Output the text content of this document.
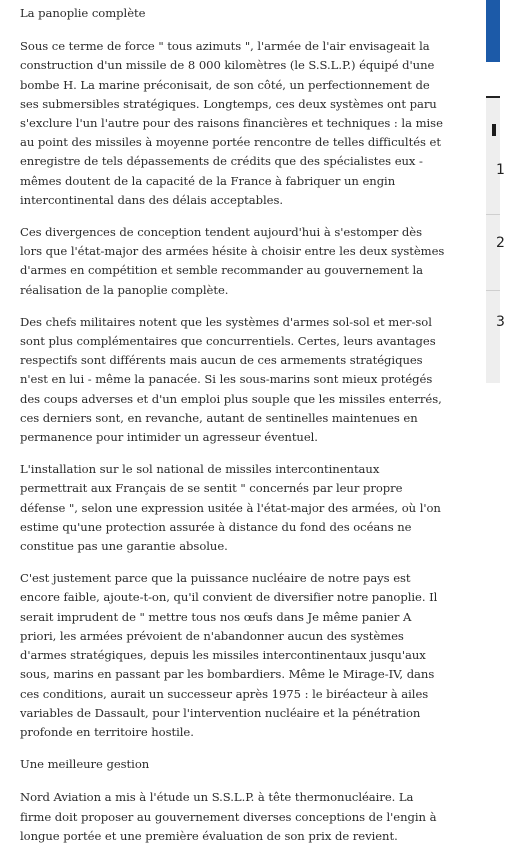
La panoplie complète

Sous ce terme de force " tous azimuts ", l'armée de l'air envisageait la construction d'un missile de 8 000 kilomètres (le S.S.L.P.) équipé d'une bombe H. La marine préconisait, de son côté, un perfectionnement de ses submersibles stratégiques. Longtemps, ces deux systèmes ont paru s'exclure l'un l'autre pour des raisons financières et techniques : la mise au point des missiles à moyenne portée rencontre de telles difficultés et enregistre de tels dépassements de crédits que des spécialistes eux - mêmes doutent de la capacité de la France à fabriquer un engin intercontinental dans des délais acceptables.

Ces divergences de conception tendent aujourd'hui à s'estomper dès lors que l'état-major des armées hésite à choisir entre les deux systèmes d'armes en compétition et semble recommander au gouvernement la réalisation de la panoplie complète.

Des chefs militaires notent que les systèmes d'armes sol-sol et mer-sol sont plus complémentaires que concurrentiels. Certes, leurs avantages respectifs sont différents mais aucun de ces armements stratégiques n'est en lui - même la panacée. Si les sous-marins sont mieux protégés des coups adverses et d'un emploi plus souple que les missiles enterrés, ces derniers sont, en revanche, autant de sentinelles maintenues en permanence pour intimider un agresseur éventuel.

L'installation sur le sol national de missiles intercontinentaux permettrait aux Français de se sentit " concernés par leur propre défense ", selon une expression usitée à l'état-major des armées, où l'on estime qu'une protection assurée à distance du fond des océans ne constitue pas une garantie absolue.

C'est justement parce que la puissance nucléaire de notre pays est encore faible, ajoute-t-on, qu'il convient de diversifier notre panoplie. Il serait imprudent de " mettre tous nos œufs dans Je même panier A priori, les armées prévoient de n'abandonner aucun des systèmes d'armes stratégiques, depuis les missiles intercontinentaux jusqu'aux sous, marins en passant par les bombardiers. Même le Mirage-IV, dans ces conditions, aurait un successeur après 1975 : le biréacteur à ailes variables de Dassault, pour l'intervention nucléaire et la pénétration profonde en territoire hostile.

Une meilleure gestion

Nord Aviation a mis à l'étude un S.S.L.P. à tête thermonucléaire. La firme doit proposer au gouvernement diverses conceptions de l'engin à longue portée et une première évaluation de son prix de revient.

1
2
3
